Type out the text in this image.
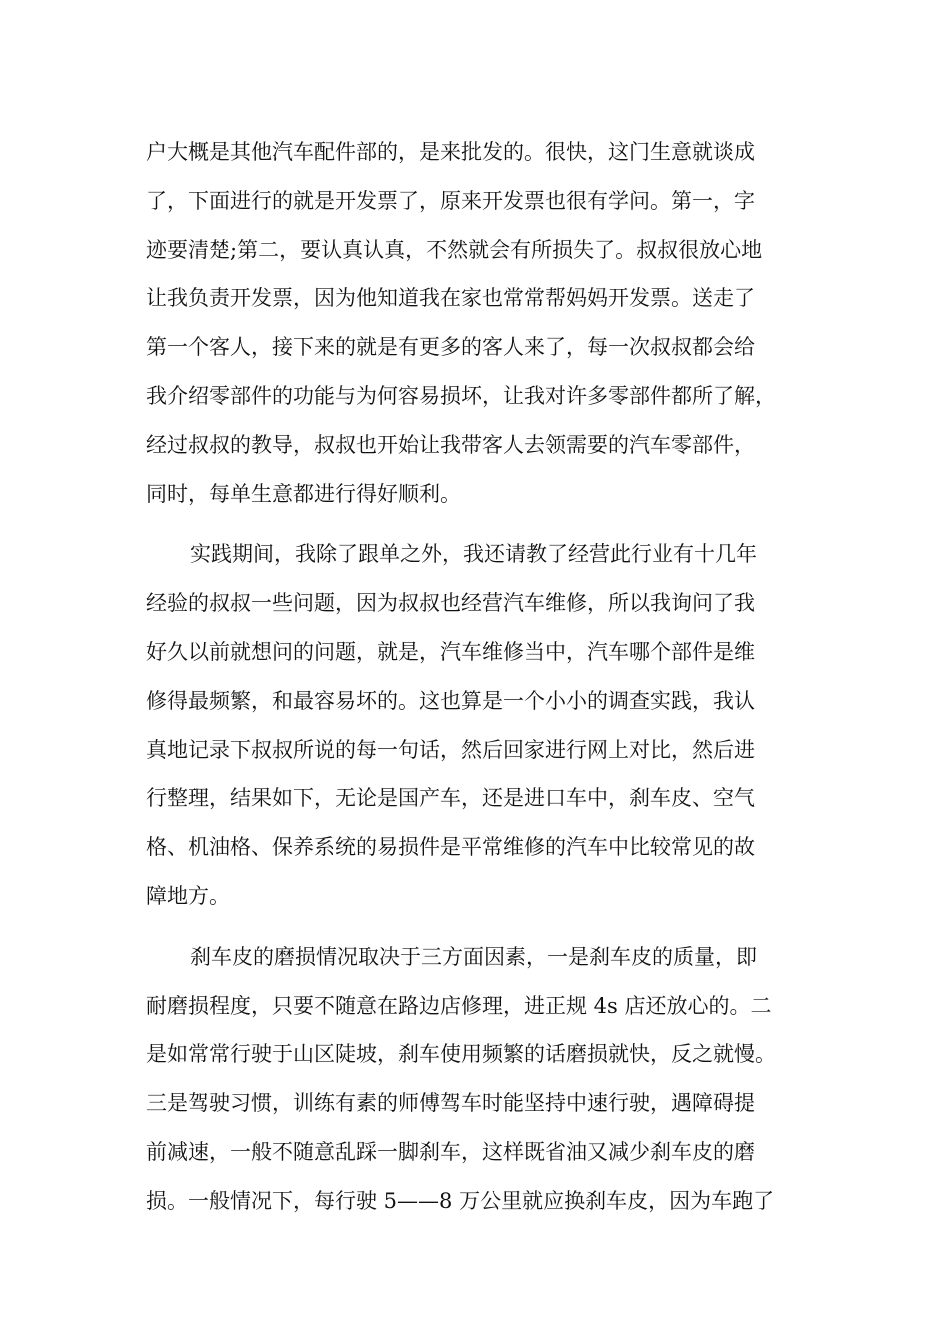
户大概是其他汽车配件部的，是来批发的。很快，这门生意就谈成
了，下面进行的就是开发票了，原来开发票也很有学问。第一，字
迹要清楚;第二，要认真认真，不然就会有所损失了。叔叔很放心地
让我负责开发票，因为他知道我在家也常常帮妈妈开发票。送走了
第一个客人，接下来的就是有更多的客人来了，每一次叔叔都会给
我介绍零部件的功能与为何容易损坏，让我对许多零部件都所了解，
经过叔叔的教导，叔叔也开始让我带客人去领需要的汽车零部件，
同时，每单生意都进行得好顺利。
实践期间，我除了跟单之外，我还请教了经营此行业有十几年
经验的叔叔一些问题，因为叔叔也经营汽车维修，所以我询问了我
好久以前就想问的问题，就是，汽车维修当中，汽车哪个部件是维
修得最频繁，和最容易坏的。这也算是一个小小的调查实践，我认
真地记录下叔叔所说的每一句话，然后回家进行网上对比，然后进
行整理，结果如下，无论是国产车，还是进口车中，刹车皮、空气
格、机油格、保养系统的易损件是平常维修的汽车中比较常见的故
障地方。
刹车皮的磨损情况取决于三方面因素，一是刹车皮的质量，即
耐磨损程度，只要不随意在路边店修理，进正规 4s 店还放心的。二
是如常常行驶于山区陡坡，刹车使用频繁的话磨损就快，反之就慢。
三是驾驶习惯，训练有素的师傅驾车时能坚持中速行驶，遇障碍提
前减速，一般不随意乱踩一脚刹车，这样既省油又减少刹车皮的磨
损。一般情况下，每行驶 5——8 万公里就应换刹车皮，因为车跑了
